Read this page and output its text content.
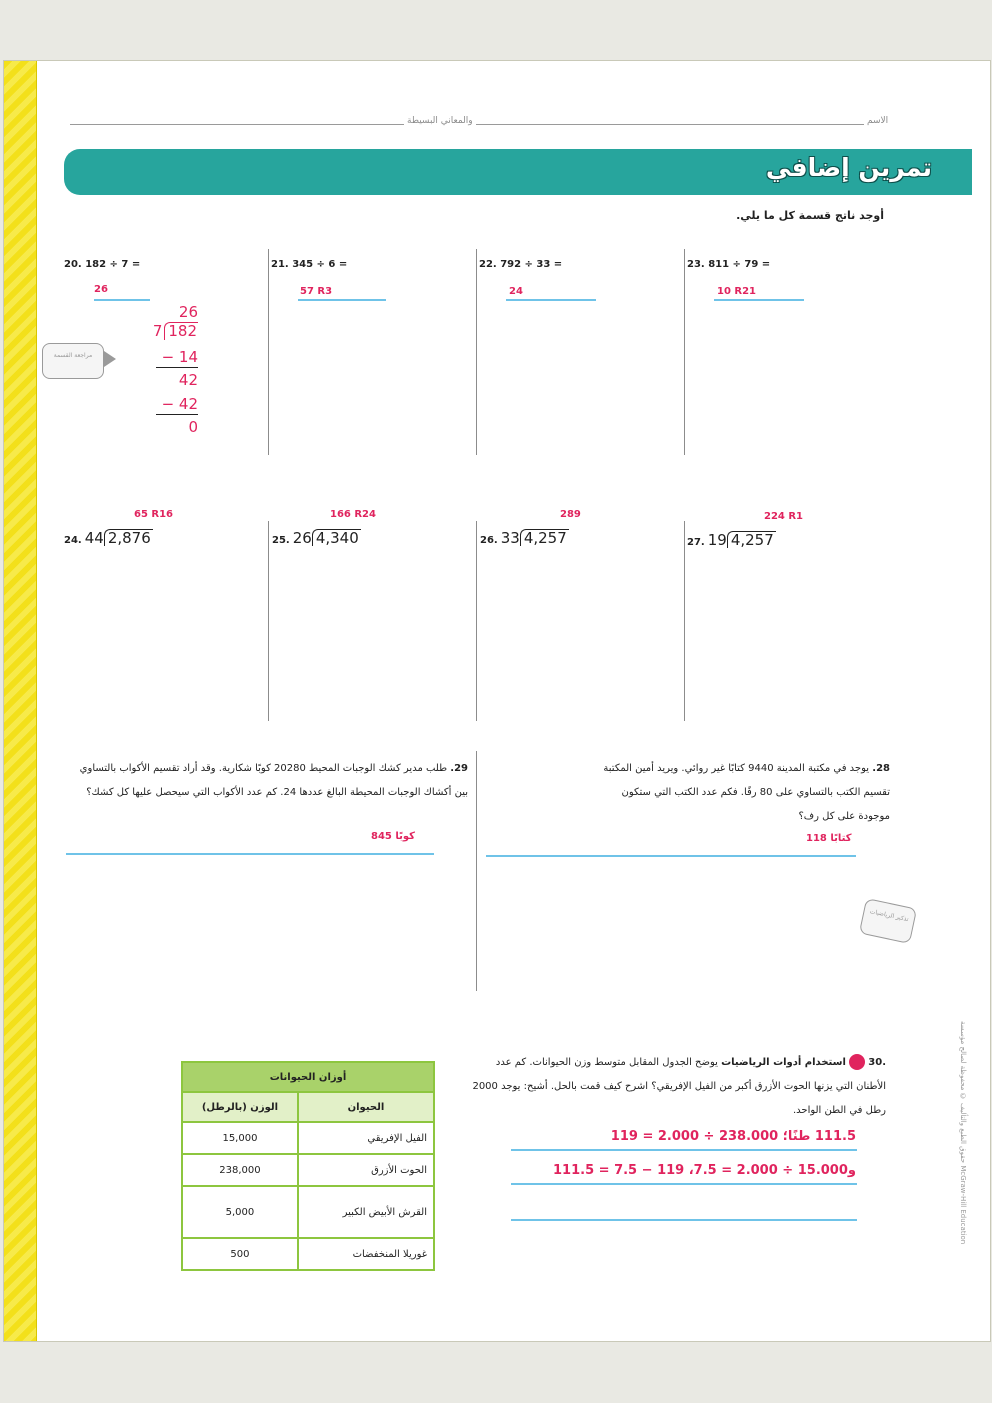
الاسم
والمعاني البسيطة
تمرين إضافي
أوجد ناتج قسمة كل ما يلي.
20. 182 ÷ 7 =
26
21. 345 ÷ 6 =
57 R3
22. 792 ÷ 33 =
24
23. 811 ÷ 79 =
10 R21
26
7 182
− 14
42
− 42
0
مراجعة القسمة
65 R16
24. 44 2,876
166 R24
25. 26 4,340
289
26. 33 4,257
224 R1
27. 19 4,257
29. طلب مدير كشك الوجبات المحيط 20280 كوبًا شكارية. وقد أراد تقسيم الأكواب بالتساوي بين أكشاك الوجبات المحيطة البالغ عددها 24. كم عدد الأكواب التي سيحصل عليها كل كشك؟
845 كوبًا
28. يوجد في مكتبة المدينة 9440 كتابًا غير روائي. ويريد أمين المكتبة تقسيم الكتب بالتساوي على 80 رفًا. فكم عدد الكتب التي ستكون موجودة على كل رف؟
118 كتابًا
تذكير الرياضيات
أوزان الحيوانات	
الوزن (بالرطل)	الحيوان
15,000	الفيل الإفريقي
238,000	الحوت الأزرق
5,000	القرش الأبيض الكبير
500	غوريلا المنخفضات
.30  استخدام أدوات الرياضيات يوضح الجدول المقابل متوسط وزن الحيوانات. كم عدد الأطنان التي يزنها الحوت الأزرق أكبر من الفيل الإفريقي؟ اشرح كيف قمت بالحل. أشيح: يوجد 2000 رطل في الطن الواحد.
111.5 طنًا؛ 238.000 ÷ 2.000 = 119
و15.000 ÷ 2.000 = 7.5، 119 − 7.5 = 111.5
حقوق الطبع والتأليف © محفوظة لصالح مؤسسة McGraw-Hill Education
